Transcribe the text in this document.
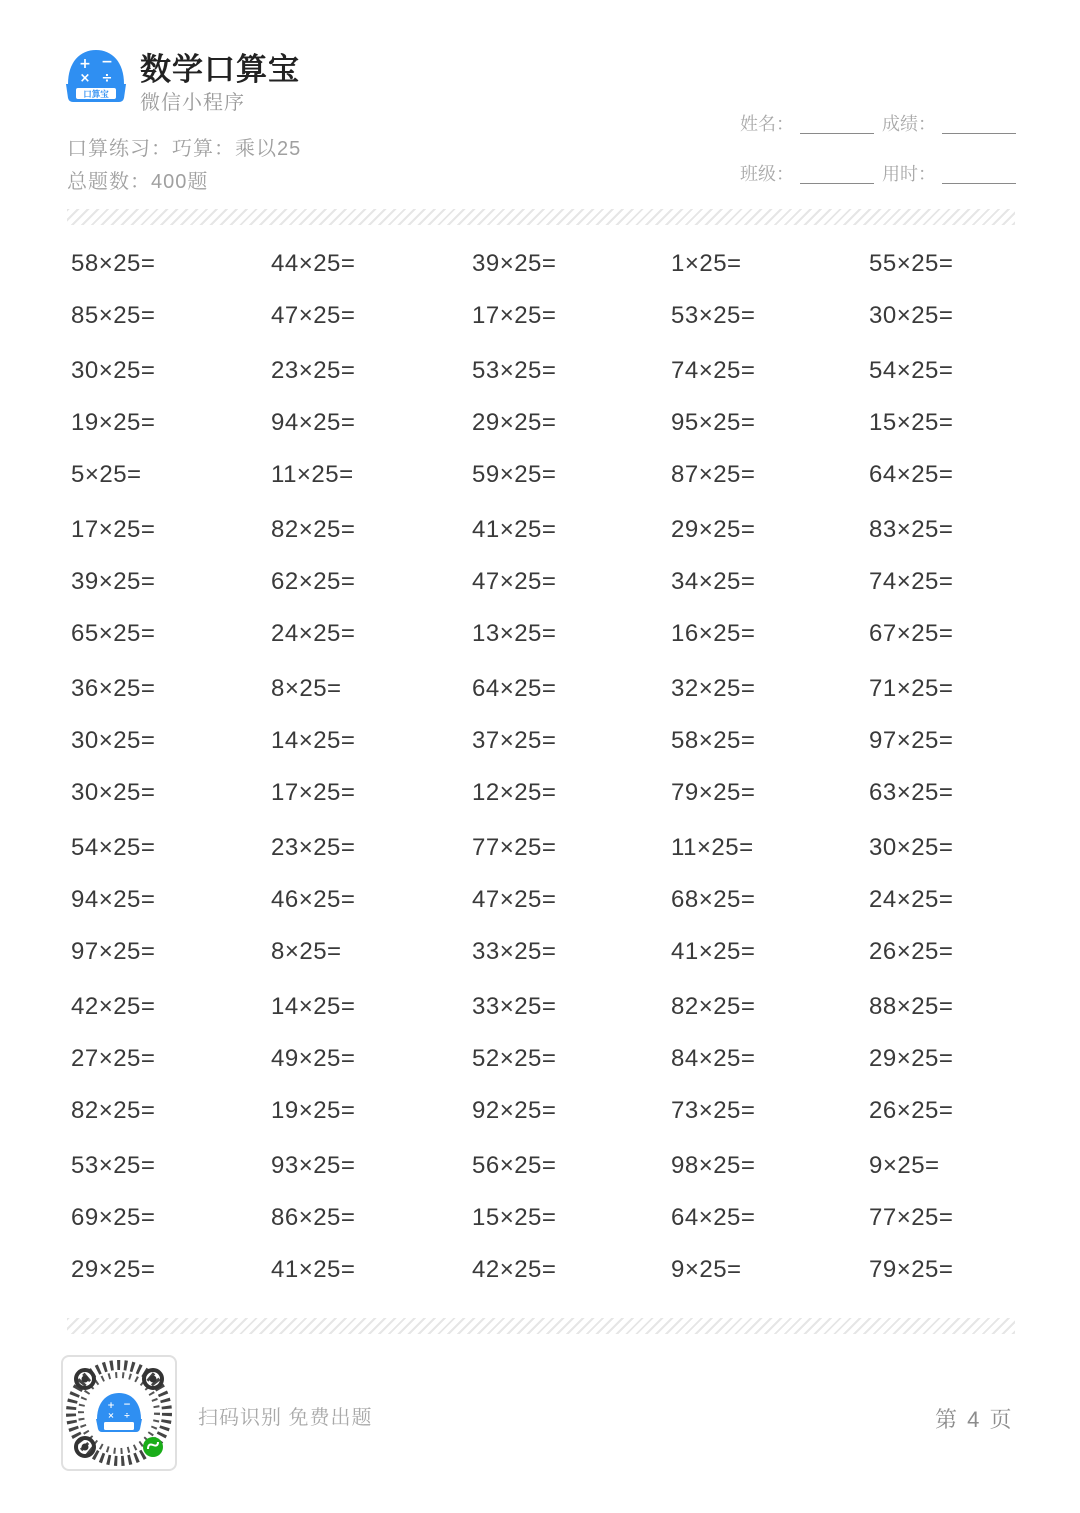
+ −
× ÷
口算宝
数学口算宝
微信小程序
口算练习：巧算：乘以25
总题数：400题
姓名：	成绩：
班级：	用时：
58×25=	44×25=	39×25=	1×25=	55×25=
85×25=	47×25=	17×25=	53×25=	30×25=
30×25=	23×25=	53×25=	74×25=	54×25=
19×25=	94×25=	29×25=	95×25=	15×25=
5×25=	11×25=	59×25=	87×25=	64×25=
17×25=	82×25=	41×25=	29×25=	83×25=
39×25=	62×25=	47×25=	34×25=	74×25=
65×25=	24×25=	13×25=	16×25=	67×25=
36×25=	8×25=	64×25=	32×25=	71×25=
30×25=	14×25=	37×25=	58×25=	97×25=
30×25=	17×25=	12×25=	79×25=	63×25=
54×25=	23×25=	77×25=	11×25=	30×25=
94×25=	46×25=	47×25=	68×25=	24×25=
97×25=	8×25=	33×25=	41×25=	26×25=
42×25=	14×25=	33×25=	82×25=	88×25=
27×25=	49×25=	52×25=	84×25=	29×25=
82×25=	19×25=	92×25=	73×25=	26×25=
53×25=	93×25=	56×25=	98×25=	9×25=
69×25=	86×25=	15×25=	64×25=	77×25=
29×25=	41×25=	42×25=	9×25=	79×25=
+ −
× ÷	扫码识别 免费出题	第 4 页
